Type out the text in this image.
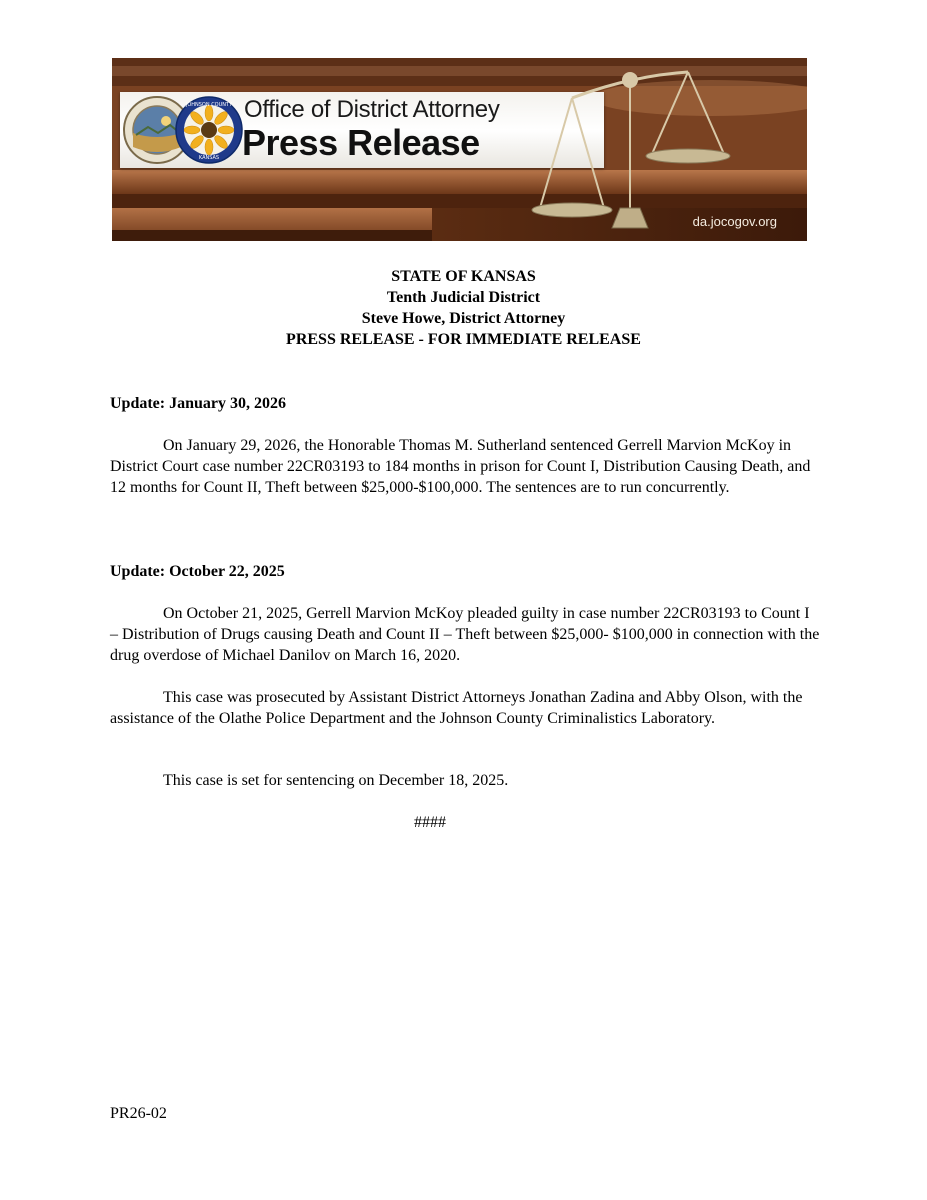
JOHNSON COUNTY
KANSAS
Office of District Attorney
Press Release
da.jocogov.org
STATE OF KANSAS
Tenth Judicial District
Steve Howe, District Attorney
PRESS RELEASE - FOR IMMEDIATE RELEASE
Update: January 30, 2026
On January 29, 2026, the Honorable Thomas M. Sutherland sentenced Gerrell Marvion McKoy in District Court case number 22CR03193 to 184 months in prison for Count I, Distribution Causing Death, and 12 months for Count II, Theft between $25,000-$100,000. The sentences are to run concurrently.
Update: October 22, 2025
On October 21, 2025, Gerrell Marvion McKoy pleaded guilty in case number 22CR03193 to Count I – Distribution of Drugs causing Death and Count II – Theft between $25,000- $100,000 in connection with the drug overdose of Michael Danilov on March 16, 2020.
This case was prosecuted by Assistant District Attorneys Jonathan Zadina and Abby Olson, with the assistance of the Olathe Police Department and the Johnson County Criminalistics Laboratory.
This case is set for sentencing on December 18, 2025.
####
PR26-02
